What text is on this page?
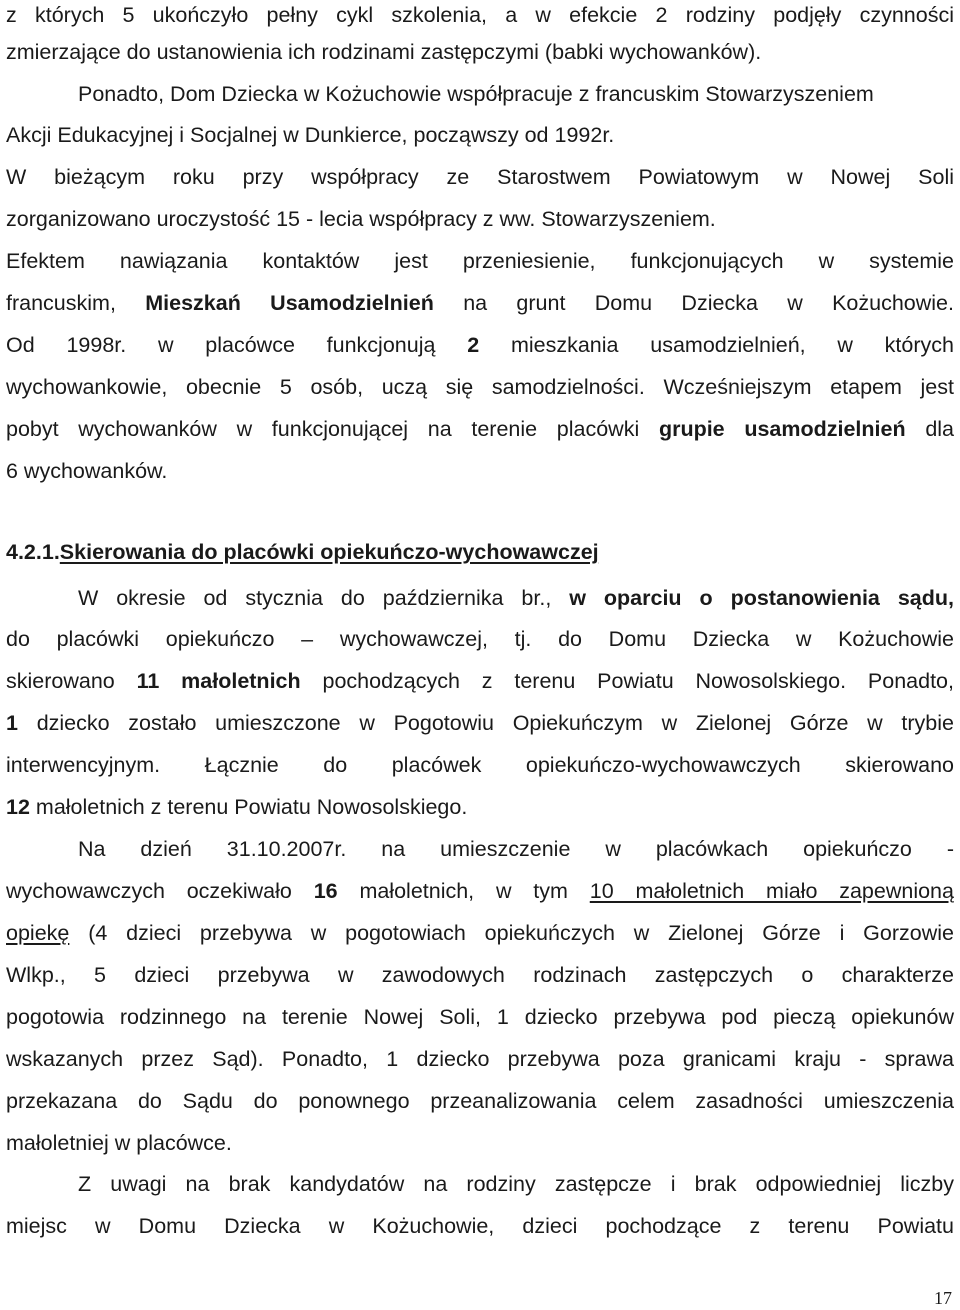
z których 5 ukończyło pełny cykl szkolenia, a w efekcie 2 rodziny podjęły czynności
zmierzające do ustanowienia ich rodzinami zastępczymi (babki wychowanków).
Ponadto, Dom Dziecka w Kożuchowie współpracuje z francuskim Stowarzyszeniem
Akcji Edukacyjnej i Socjalnej w Dunkierce, począwszy od 1992r.
W bieżącym roku przy współpracy ze Starostwem Powiatowym w Nowej Soli
zorganizowano uroczystość 15 - lecia współpracy z ww. Stowarzyszeniem.
Efektem nawiązania kontaktów jest przeniesienie, funkcjonujących w systemie
francuskim, Mieszkań Usamodzielnień na grunt Domu Dziecka w Kożuchowie.
Od 1998r. w placówce funkcjonują 2 mieszkania usamodzielnień, w których
wychowankowie, obecnie 5 osób, uczą się samodzielności. Wcześniejszym etapem jest
pobyt wychowanków w funkcjonującej na terenie placówki grupie usamodzielnień dla
6 wychowanków.
4.2.1.Skierowania do placówki opiekuńczo-wychowawczej
W okresie od stycznia do października br., w oparciu o postanowienia sądu,
do placówki opiekuńczo – wychowawczej, tj. do Domu Dziecka w Kożuchowie
skierowano 11 małoletnich pochodzących z terenu Powiatu Nowosolskiego. Ponadto,
1 dziecko zostało umieszczone w Pogotowiu Opiekuńczym w Zielonej Górze w trybie
interwencyjnym. Łącznie do placówek opiekuńczo-wychowawczych skierowano
12 małoletnich z terenu Powiatu Nowosolskiego.
Na dzień 31.10.2007r. na umieszczenie w placówkach opiekuńczo -
wychowawczych oczekiwało 16 małoletnich, w tym 10 małoletnich miało zapewnioną
opiekę (4 dzieci przebywa w pogotowiach opiekuńczych w Zielonej Górze i Gorzowie
Wlkp., 5 dzieci przebywa w zawodowych rodzinach zastępczych o charakterze
pogotowia rodzinnego na terenie Nowej Soli, 1 dziecko przebywa pod pieczą opiekunów
wskazanych przez Sąd). Ponadto, 1 dziecko przebywa poza granicami kraju - sprawa
przekazana do Sądu do ponownego przeanalizowania celem zasadności umieszczenia
małoletniej w placówce.
Z uwagi na brak kandydatów na rodziny zastępcze i brak odpowiedniej liczby
miejsc w Domu Dziecka w Kożuchowie, dzieci pochodzące z terenu Powiatu
17
